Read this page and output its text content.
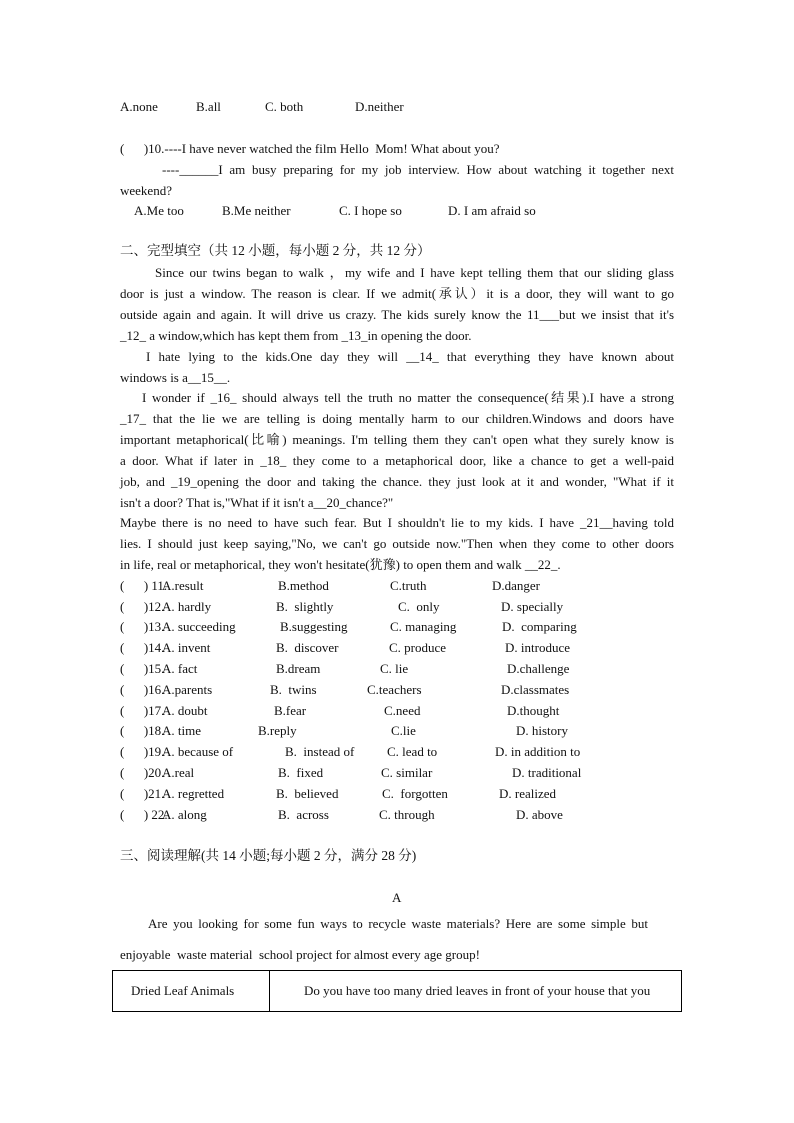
A.none	B.all	C. both	D.neither
(      )10.----I have never watched the film Hello  Mom! What about you?
----______I am busy preparing for my job interview. How about watching it together next
weekend?
A.Me too	B.Me neither	C. I hope so	D. I am afraid so
二、完型填空（共 12 小题，每小题 2 分，共 12 分）
Since our twins began to walk ，my wife and I have kept telling them that our sliding glass
door is just a window. The reason is clear. If we admit(承认）it is a door, they will want to go
outside again and again. It will drive us crazy. The kids surely know the 11___but we insist that it's
_12_ a window,which has kept them from _13_in opening the door.
I hate lying to the kids.One day they will __14_ that everything they have known about
windows is a__15__.
I wonder if _16_ should always tell the truth no matter the consequence(结果).I have a strong
_17_ that the lie we are telling is doing mentally harm to our children.Windows and doors have
important metaphorical(比喻) meanings. I'm telling them they can't open what they surely know is
a door. What if later in _18_ they come to a metaphorical door, like a chance to get a well-paid
job, and _19_opening the door and taking the chance. they just look at it and wonder, "What if it
isn't a door? That is,"What if it isn't a__20_chance?"
Maybe there is no need to have such fear. But I shouldn't lie to my kids. I have _21__having told
lies. I should just keep saying,"No, we can't go outside now."Then when they come to other doors
in life, real or metaphorical, they won't hesitate(犹豫) to open them and walk __22_.
(      ) 11.
A.result	B.method	C.truth	D.danger
(      )12.
A. hardly	B.  slightly	C.  only	D. specially
(      )13.
A. succeeding	B.suggesting	C. managing	D.  comparing
(      )14.
A. invent	B.  discover	C. produce	D. introduce
(      )15.
A. fact	B.dream	C. lie	D.challenge
(      )16.
A.parents	B.  twins	C.teachers	D.classmates
(      )17.
A. doubt	B.fear	C.need	D.thought
(      )18.
A. time	B.reply	C.lie	D. history
(      )19.
A. because of	B.  instead of	C. lead to	D. in addition to
(      )20.
A.real	B.  fixed	C. similar	D. traditional
(      )21.
A. regretted	B.  believed	C.  forgotten	D. realized
(      ) 22.
A. along	B.  across	C. through	D. above
三、阅读理解(共 14 小题;每小题 2 分，满分 28 分)
A
Are you looking for some fun ways to recycle waste materials? Here are some simple but
enjoyable  waste material  school project for almost every age group!
Dried Leaf Animals	Do you have too many dried leaves in front of your house that you
